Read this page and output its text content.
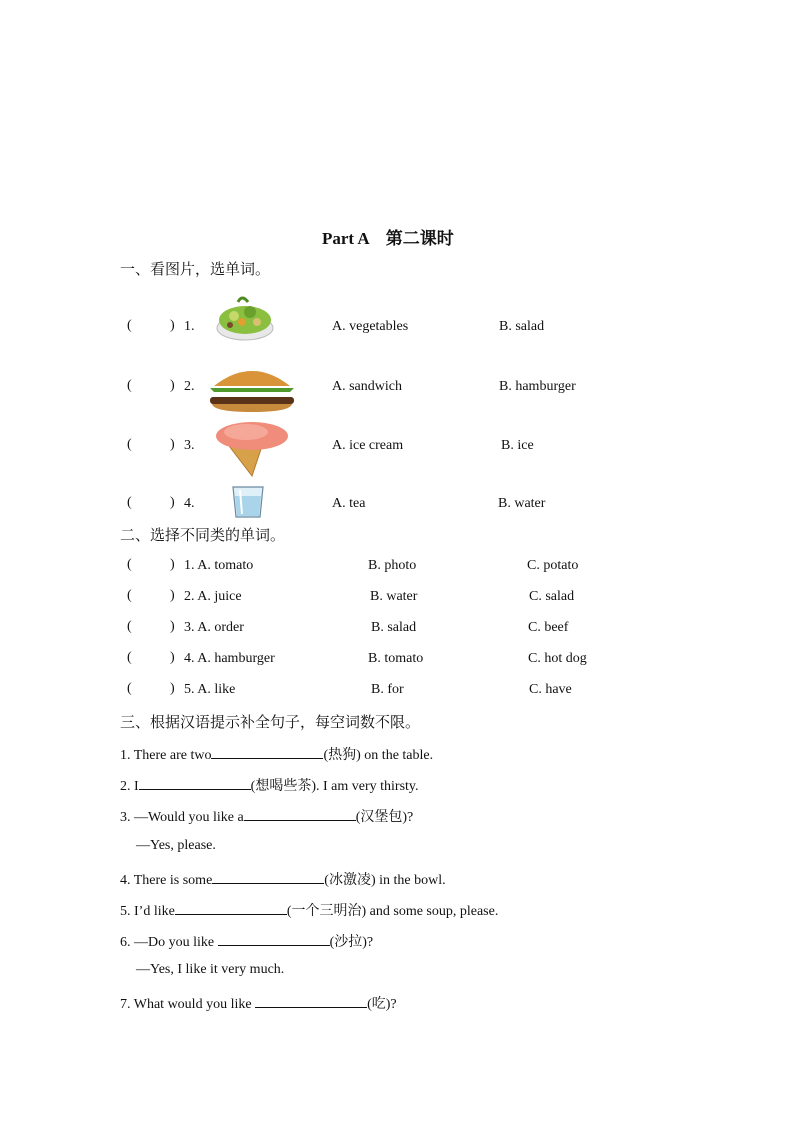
Part A　第二课时
一、看图片，选单词。
(	) 1.	A. vegetables	B. salad
(	) 2.	A. sandwich	B. hamburger
(	) 3.	A. ice cream	B. ice
(	) 4.	A. tea	B. water
二、选择不同类的单词。
(	) 1. A. tomato	B. photo	C. potato
(	) 2. A. juice	B. water	C. salad
(	) 3. A. order	B. salad	C. beef
(	) 4. A. hamburger	B. tomato	C. hot dog
(	) 5. A. like	B. for	C. have
三、根据汉语提示补全句子，每空词数不限。
1. There are two	(热狗) on the table.
2. I	(想喝些茶). I am very thirsty.
3. —Would you like a	(汉堡包)?
—Yes, please.
4. There is some	(冰激凌) in the bowl.
5. I’d like	(一个三明治) and some soup, please.
6. —Do you like	(沙拉)?
—Yes, I like it very much.
7. What would you like	(吃)?
